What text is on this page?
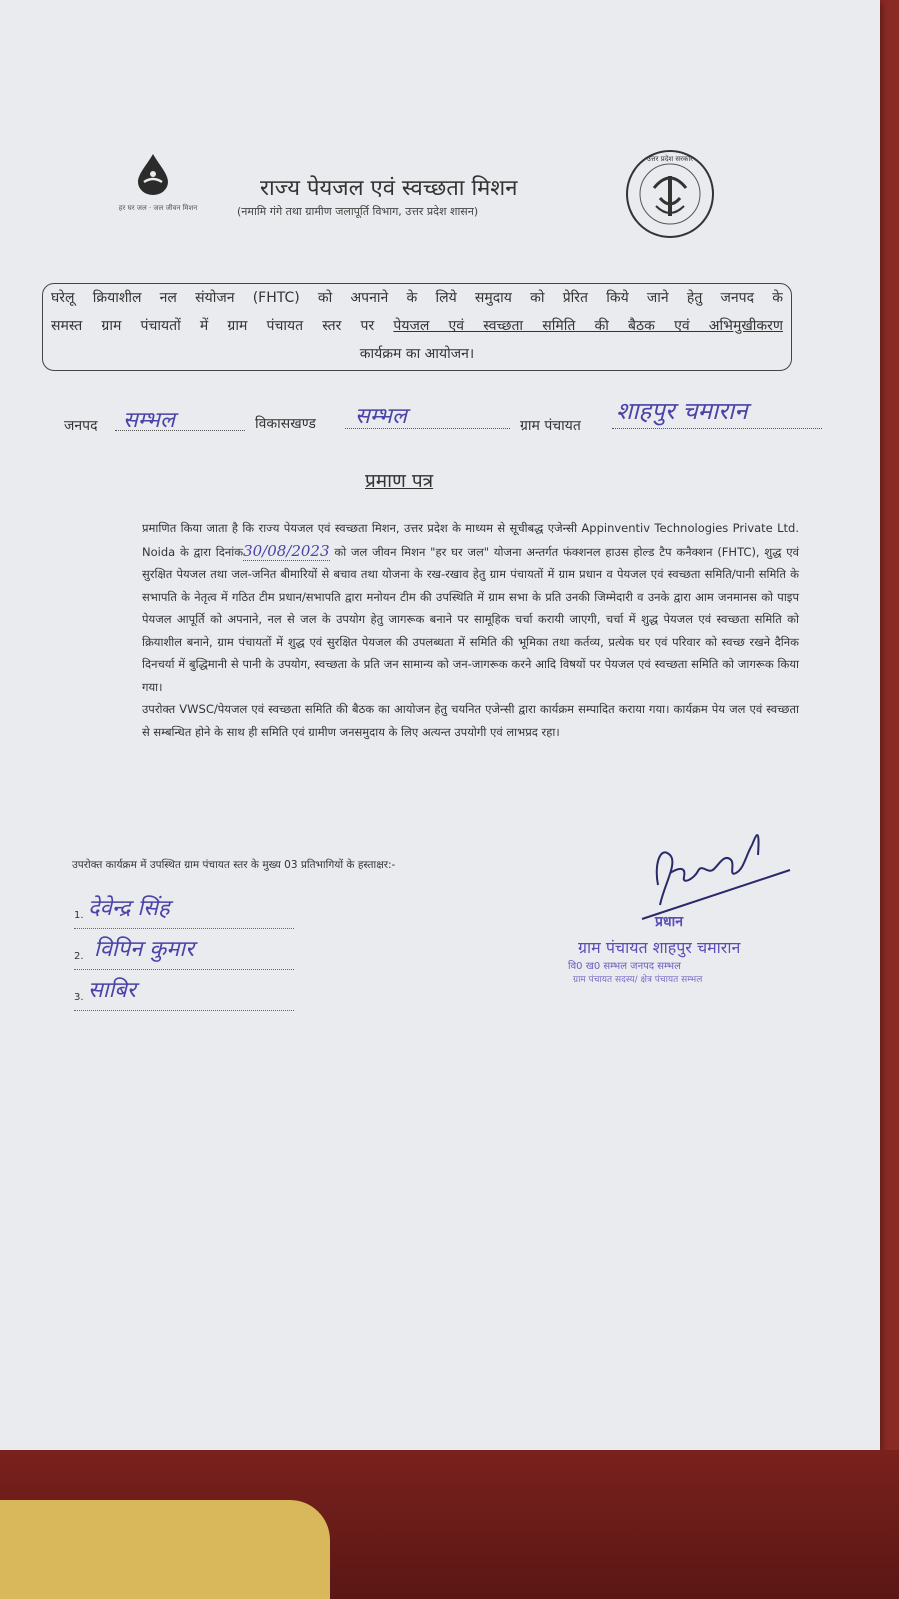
हर घर जल · जल जीवन मिशन
राज्य पेयजल एवं स्वच्छता मिशन
(नमामि गंगे तथा ग्रामीण जलापूर्ति विभाग, उत्तर प्रदेश शासन)
उत्तर प्रदेश सरकार
घरेलू क्रियाशील नल संयोजन (FHTC) को अपनाने के लिये समुदाय को प्रेरित किये जाने हेतु जनपद के
समस्त ग्राम पंचायतों में ग्राम पंचायत स्तर पर पेयजल एवं स्वच्छता समिति की बैठक एवं अभिमुखीकरण
कार्यक्रम का आयोजन।
जनपद	सम्भल	विकासखण्ड	सम्भल	ग्राम पंचायत
शाहपुर चमारान
प्रमाण पत्र
प्रमाणित किया जाता है कि राज्य पेयजल एवं स्वच्छता मिशन, उत्तर प्रदेश के माध्यम से सूचीबद्ध एजेन्सी Appinventiv Technologies Private Ltd. Noida के द्वारा दिनांक30/08/2023 को जल जीवन मिशन "हर घर जल" योजना अन्तर्गत फंक्शनल हाउस होल्ड टैप कनैक्शन (FHTC), शुद्ध एवं सुरक्षित पेयजल तथा जल-जनित बीमारियों से बचाव तथा योजना के रख-रखाव हेतु ग्राम पंचायतों में ग्राम प्रधान व पेयजल एवं स्वच्छता समिति/पानी समिति के सभापति के नेतृत्व में गठित टीम प्रधान/सभापति द्वारा मनोयन टीम की उपस्थिति में ग्राम सभा के प्रति उनकी जिम्मेदारी व उनके द्वारा आम जनमानस को पाइप पेयजल आपूर्ति को अपनाने, नल से जल के उपयोग हेतु जागरूक बनाने पर सामूहिक चर्चा करायी जाएगी, चर्चा में शुद्ध पेयजल एवं स्वच्छता समिति को क्रियाशील बनाने, ग्राम पंचायतों में शुद्ध एवं सुरक्षित पेयजल की उपलब्धता में समिति की भूमिका तथा कर्तव्य, प्रत्येक घर एवं परिवार को स्वच्छ रखने दैनिक दिनचर्या में बुद्धिमानी से पानी के उपयोग, स्वच्छता के प्रति जन सामान्य को जन-जागरूक करने आदि विषयों पर पेयजल एवं स्वच्छता समिति को जागरूक किया गया।
उपरोक्त VWSC/पेयजल एवं स्वच्छता समिति की बैठक का आयोजन हेतु चयनित एजेन्सी द्वारा कार्यक्रम सम्पादित कराया गया। कार्यक्रम पेय जल एवं स्वच्छता से सम्बन्धित होने के साथ ही समिति एवं ग्रामीण जनसमुदाय के लिए अत्यन्त उपयोगी एवं लाभप्रद रहा।
उपरोक्त कार्यक्रम में उपस्थित ग्राम पंचायत स्तर के मुख्य 03 प्रतिभागियों के हस्ताक्षर:-
1. देवेन्द्र सिंह
2. विपिन कुमार
3. साबिर
प्रधान
ग्राम पंचायत शाहपुर चमारान
वि0 ख0 सम्भल जनपद सम्भल
ग्राम पंचायत सदस्य/ क्षेत्र पंचायत सम्भल
